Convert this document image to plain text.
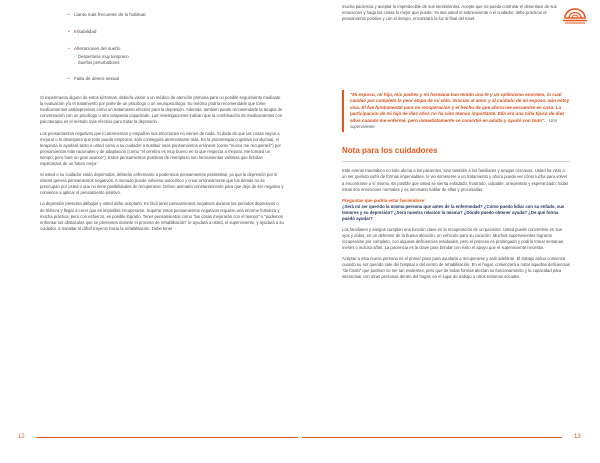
• Llanto más frecuente de lo habitual
• Irritabilidad
• Alteraciones del sueño
◦ Despertarse muy temprano
◦ Sueños perturbadores
• Falta de deseo sexual

Si experimenta alguno de estos síntomas, debería visitar a un médico de atención primaria para un posible seguimiento mediante la evaluación y/o el tratamiento por parte de un psicólogo o un neuropsicólogo. Su médico podría recomendarle que tome medicamentos antidepresivos como un tratamiento efectivo para la depresión. Además, también puede recomendarle la terapia de conversación con un psicólogo u otro terapeuta capacitado. Las investigaciones indican que la combinación de medicamentos con psicoterapia es el método más efectivo para tratar la depresión.

Los pensamientos negativos que lo atormentan y empañan sus emociones no vienen de nada. Si duda de que las cosas vayan a mejorar o le desespera que todo pueda empeorar, sólo conseguirá atormentarse más. En la psicoterapia cognitiva conductual, el terapeuta lo ayudará tanto a usted como a su cuidador a sustituir esos pensamientos erróneos (como "nunca me recuperaré") por pensamientos más racionales y de adaptación (como "el cerebro es muy bueno en lo que respecta a mejorar. Me tomará un tiempo, pero haré un gran avance"). Estos pensamientos positivos de reemplazo son herramientas valiosas que brindan esperanzas de un futuro mejor.

Si usted o su cuidador están deprimidos, deberán enfrentarse a poderosos pensamientos pesimistas, ya que la depresión por sí misma genera pensamientos negativos. A menudo puede volverse autocrítico y crear erróneamente que los demás no se preocupan por usted o que no tiene posibilidades de recuperarse. Deben animarlo constantemente para que deje de ser negativo y comience a aplicar el pensamiento positivo.

La depresión presenta altibajos y usted debe aceptarlo. Es fácil tener pensamientos negativos durante los periodos depresivos o de tristeza y llegar a creer que es imposible recuperarse. Superar estos pensamientos negativos requiere una enorme fortaleza y mucha práctica; pero con esfuerzo, es posible lograrlo. Tener pensamientos como "las cosas mejorarán con el tiempo" o "podemos enfrentar los obstáculos que se presenten durante el proceso de rehabilitación" le ayudará a usted, el superviviente, y ayudará a su cuidador, a transitar el difícil trayecto hacia la rehabilitación. Debe tener

mucha paciencia y aceptar lo impredecible de sus sentimientos. Acepte que no puede controlar el desenlace de sus emociones y haga las cosas lo mejor que pueda. Ya sea usted el sobreviviente o el cuidador, debe practicar el pensamiento positivo y con el tiempo, encontrará la luz al final del túnel.

"Mi esposo, mi hija, mis padres y mi hermana han tenido una fe y un optimismo enormes, lo cual cambió por completo la peor etapa de mi vida. Gracias al amor y al cuidado de mi esposo, aún estoy viva. Él fue fundamental para mi recuperación y el hecho de que ahora me encuentre en casa. La participación de mi hija de diez años no ha sido menos importante. Ella era una niña típica de diez años cuando me enfermé, pero inmediatamente se convirtió en adulta y ayudó con todo". - Una superviviente
Nota para los cuidadores

Este evento traumático no solo afecta a los pacientes, sino también a los familiares y amigos cercanos. Usted ha visto a un ser querido sufrir de formas impensables, lo vio someterse a un tratamiento y ahora puede ver cómo lucha para volver a encontrarse a sí mismo. Es posible que usted se sienta enfadado, frustrado, culpable, arrepentido y esperanzado; todas estas son emociones normales y es necesario hablar de ellas y procesarlas.

Preguntas que podría estar haciéndose:
¿Será mi ser querido la misma persona que antes de la enfermedad? ¿Cómo puedo lidiar con su enfado, sus temores y su depresión? ¿Será nuestra relación la misma? ¿Dónde puedo obtener ayuda? ¿De qué forma puedo ayudar?

Los familiares y amigos cumplen una función clave en la recuperación de un paciente. Usted puede convertirse en sus ojos y oídos; en un defensor de la buena atención, un vehículo para su curación. Muchos supervivientes lograron recuperarse por completo, con algunas deficiencias residuales, pero el proceso es prolongado y podría tomar semanas, meses o incluso años. La paciencia es la clave para brindar con éxito el apoyo que el superviviente necesita.

Aceptar a esta nueva persona es el primer paso para ayudarla a recuperarse y salir adelante. El trabajo arduo comienza cuando su ser querido sale del hospital o del centro de rehabilitación. En el hogar, comenzará a notar aquellas deficiencias "de fondo" que podrían no ser tan evidentes, pero que de todas formas afectan su funcionamiento y la capacidad para interactuar con otras personas dentro del hogar, en el lugar de trabajo u otros entornos sociales.

12	13
